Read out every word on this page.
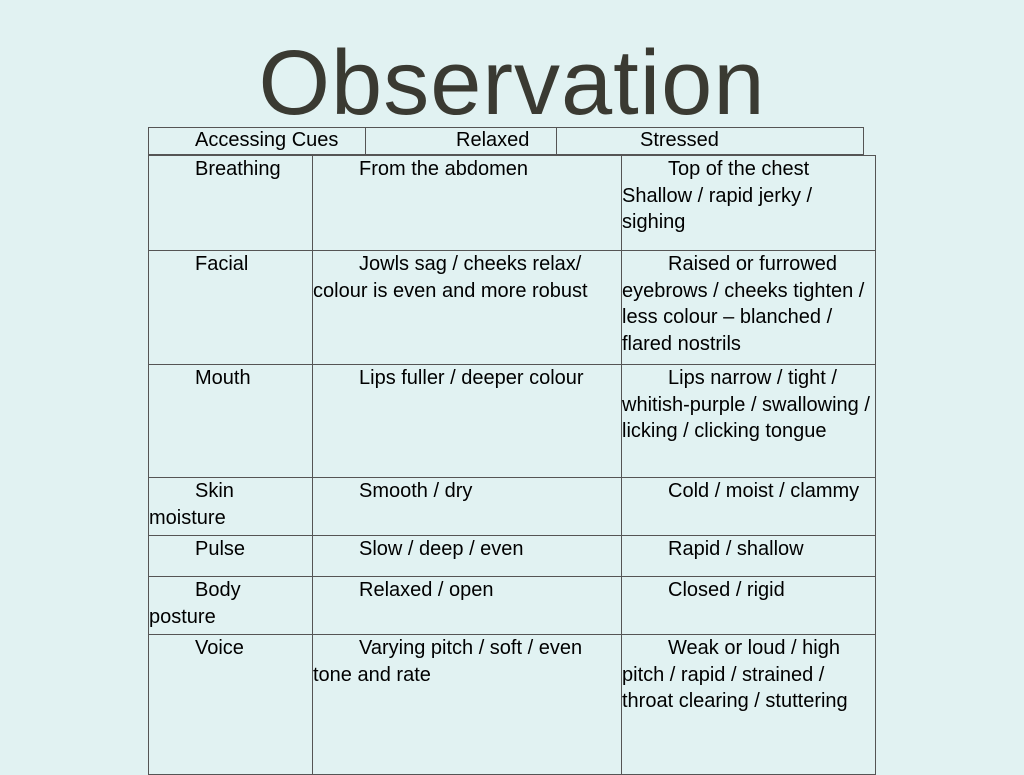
Observation
Accessing Cues	Relaxed	Stressed
Breathing	From the abdomen	Top of the chest Shallow / rapid jerky / sighing
Facial	Jowls sag / cheeks relax/ colour is even and more robust	Raised or furrowed eyebrows / cheeks tighten / less colour – blanched / flared nostrils
Mouth	Lips fuller / deeper colour	Lips narrow / tight / whitish-purple / swallowing / licking / clicking tongue
Skin moisture	Smooth / dry	Cold / moist / clammy
Pulse	Slow / deep / even	Rapid / shallow
Body posture	Relaxed / open	Closed / rigid
Voice	Varying pitch / soft / even tone and rate	Weak or loud / high pitch / rapid / strained / throat clearing / stuttering
